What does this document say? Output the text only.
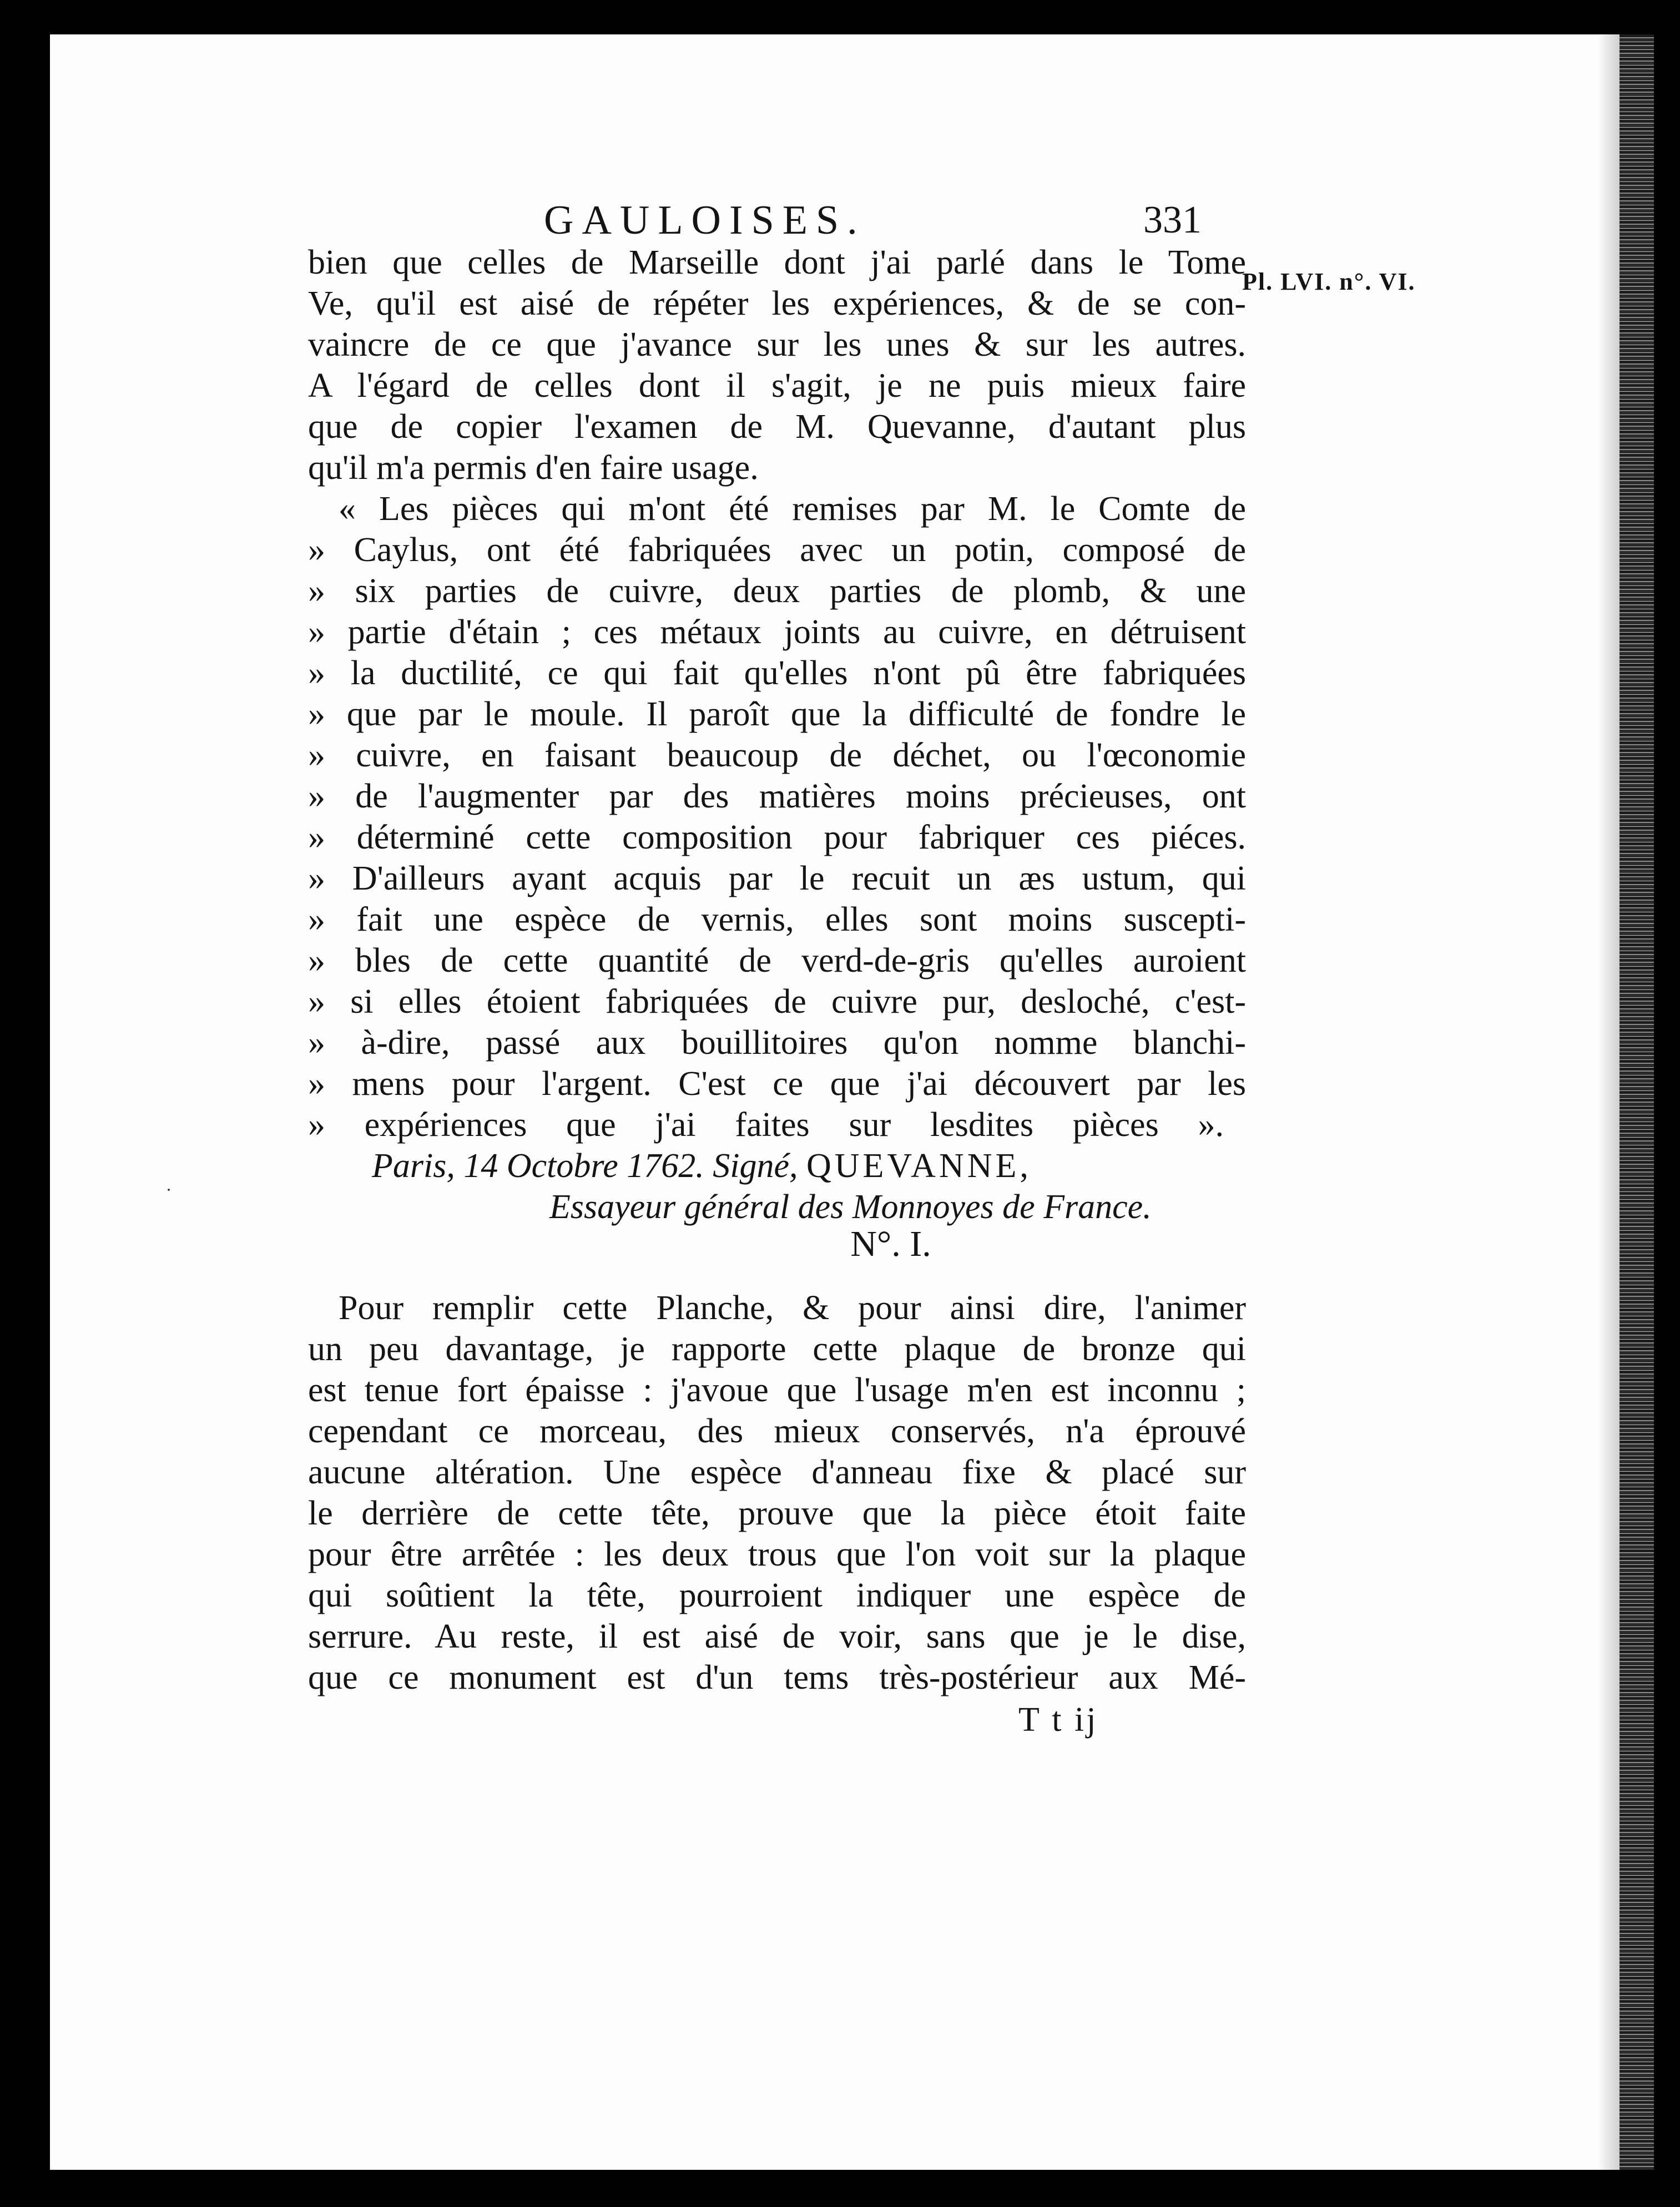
GAULOISES.	331
Pl. LVI. n°. VI.
bien que celles de Marseille dont j'ai parlé dans le Tome
Ve, qu'il est aisé de répéter les expériences, & de se con-
vaincre de ce que j'avance sur les unes & sur les autres.
A l'égard de celles dont il s'agit, je ne puis mieux faire
que de copier l'examen de M. Quevanne, d'autant plus
qu'il m'a permis d'en faire usage.
« Les pièces qui m'ont été remises par M. le Comte de
» Caylus, ont été fabriquées avec un potin, composé de
» six parties de cuivre, deux parties de plomb, & une
» partie d'étain ; ces métaux joints au cuivre, en détruisent
» la ductilité, ce qui fait qu'elles n'ont pû être fabriquées
» que par le moule. Il paroît que la difficulté de fondre le
» cuivre, en faisant beaucoup de déchet, ou l'œconomie
» de l'augmenter par des matières moins précieuses, ont
» déterminé cette composition pour fabriquer ces piéces.
» D'ailleurs ayant acquis par le recuit un æs ustum, qui
» fait une espèce de vernis, elles sont moins suscepti-
» bles de cette quantité de verd-de-gris qu'elles auroient
» si elles étoient fabriquées de cuivre pur, desloché, c'est-
» à-dire, passé aux bouillitoires qu'on nomme blanchi-
» mens pour l'argent. C'est ce que j'ai découvert par les
» expériences que j'ai faites sur lesdites pièces ».
Paris, 14 Octobre 1762. Signé, QUEVANNE,
Essayeur général des Monnoyes de France.
N°. I.
Pour remplir cette Planche, & pour ainsi dire, l'animer
un peu davantage, je rapporte cette plaque de bronze qui
est tenue fort épaisse : j'avoue que l'usage m'en est inconnu ;
cependant ce morceau, des mieux conservés, n'a éprouvé
aucune altération. Une espèce d'anneau fixe & placé sur
le derrière de cette tête, prouve que la pièce étoit faite
pour être arrêtée : les deux trous que l'on voit sur la plaque
qui soûtient la tête, pourroient indiquer une espèce de
serrure. Au reste, il est aisé de voir, sans que je le dise,
que ce monument est d'un tems très-postérieur aux Mé-
T t ij
